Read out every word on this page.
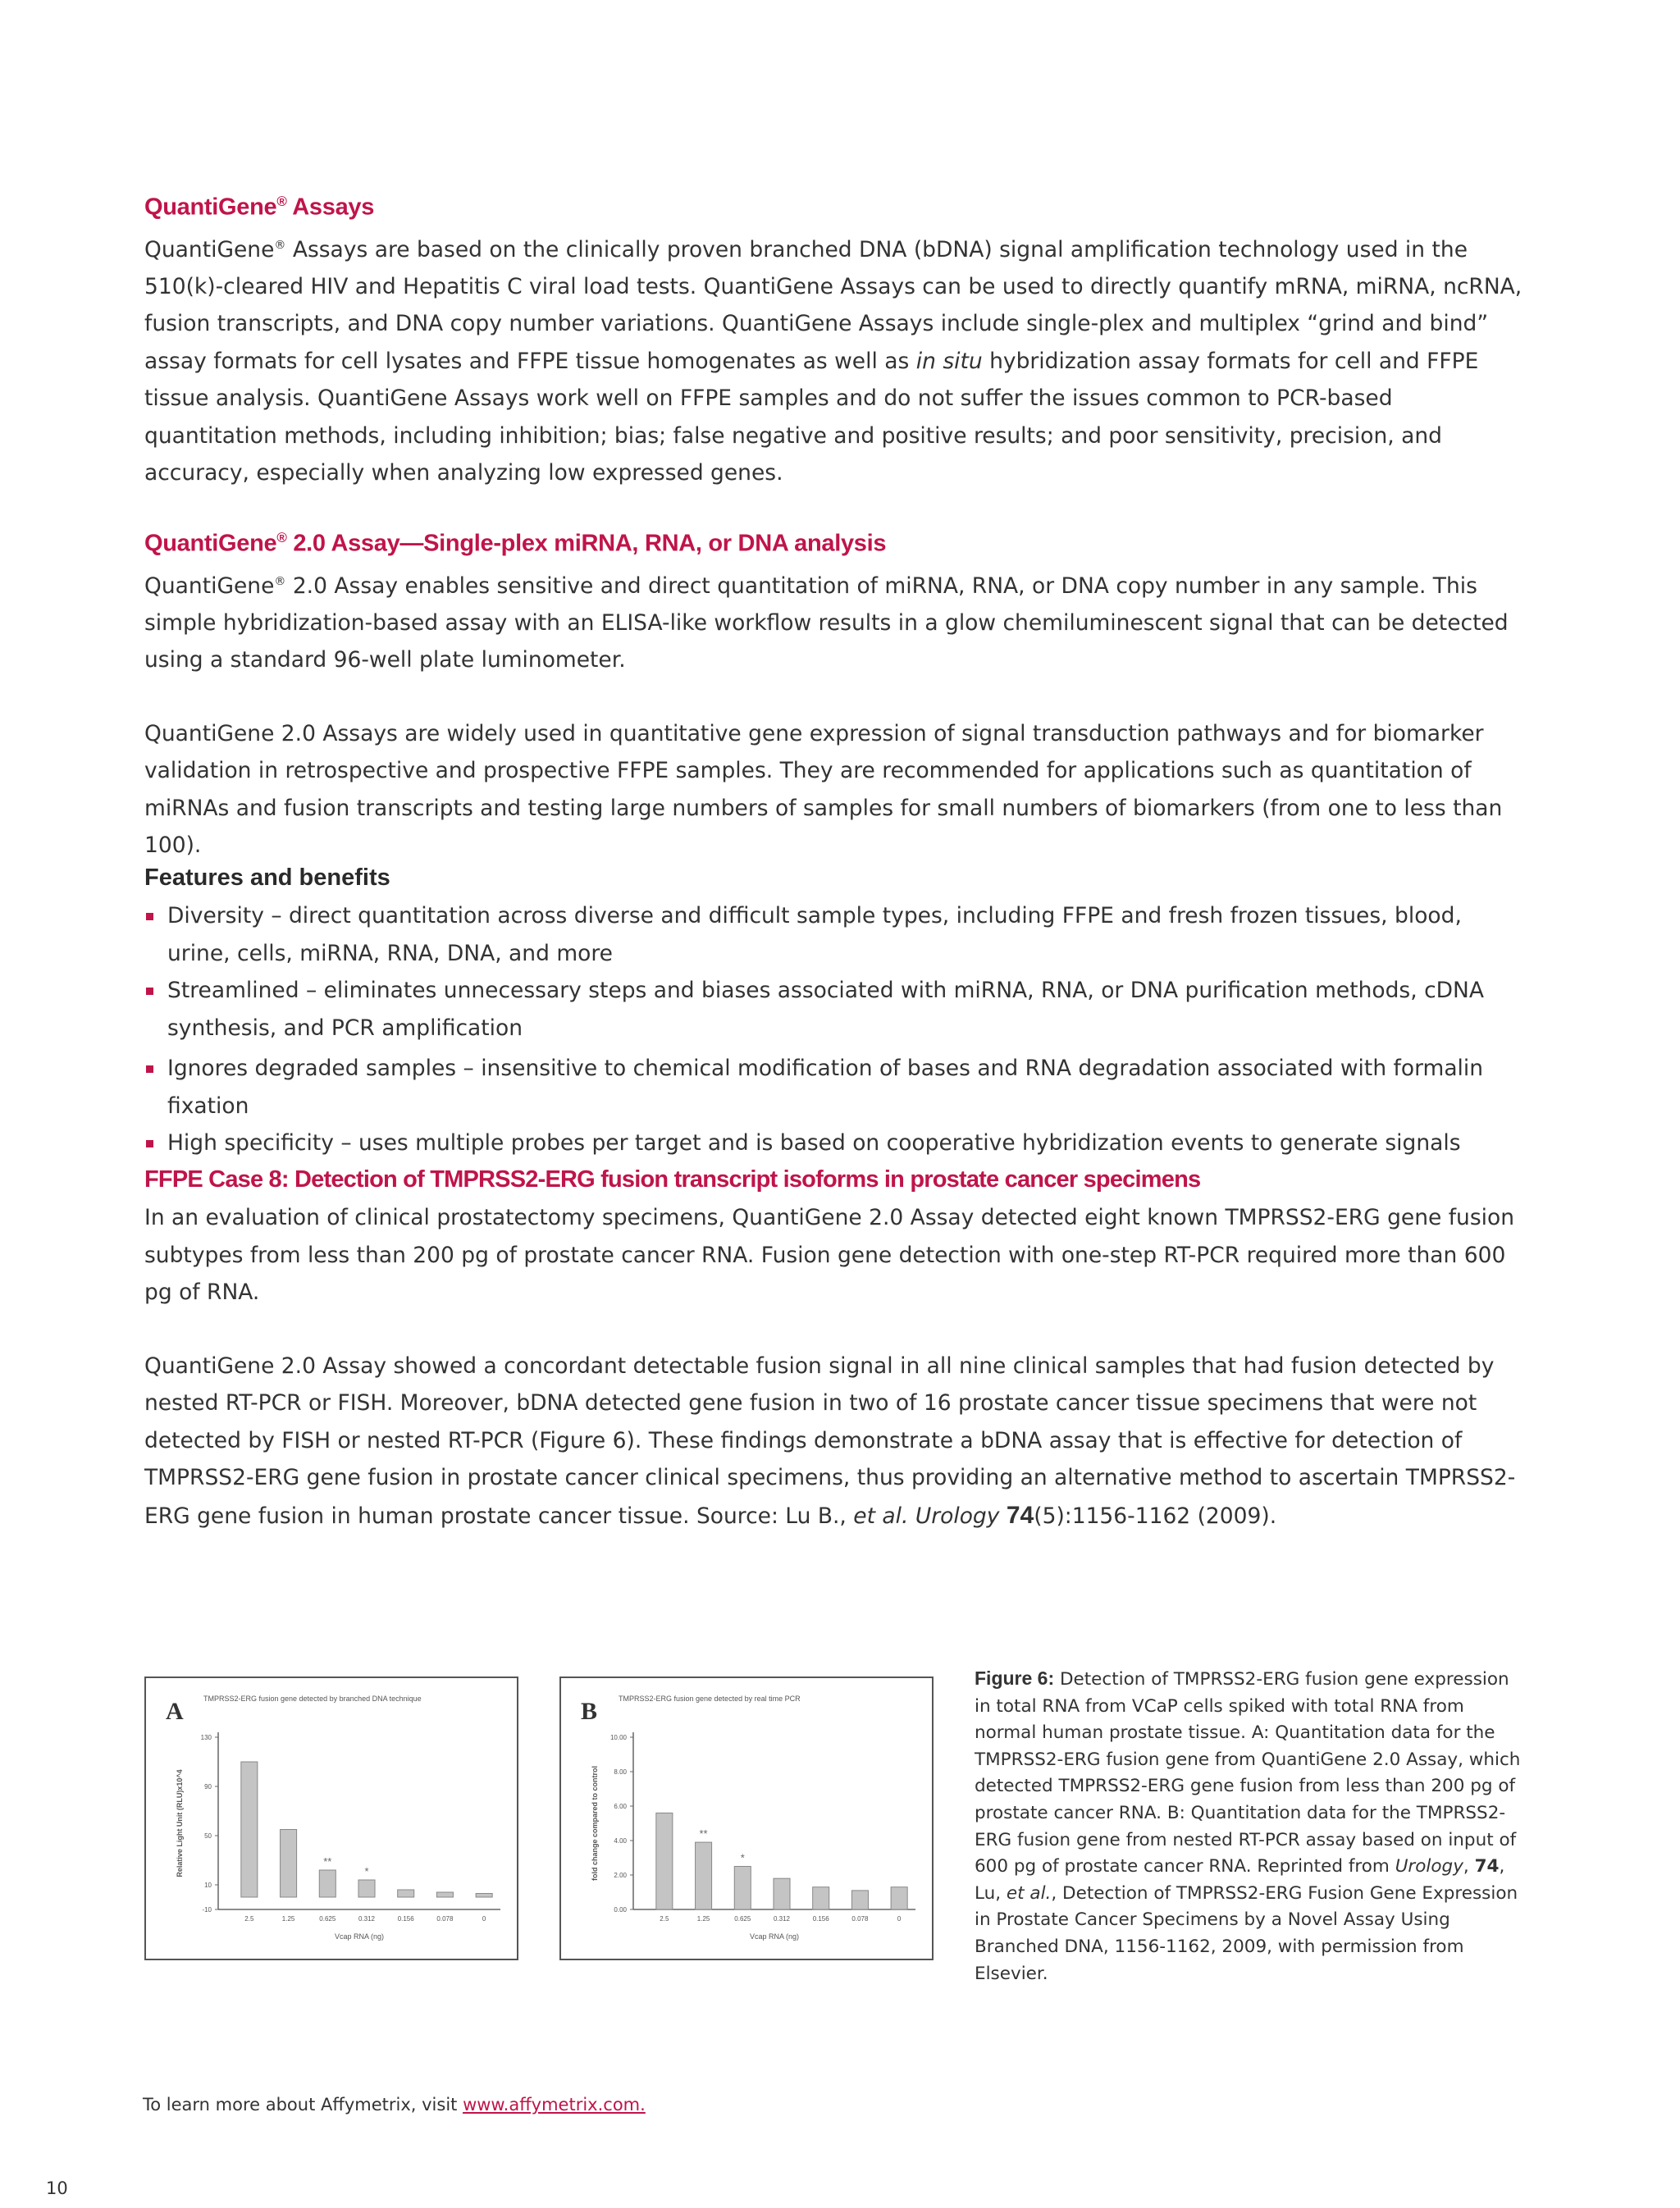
QuantiGene® Assays

QuantiGene® Assays are based on the clinically proven branched DNA (bDNA) signal amplification technology used in the 510(k)-cleared HIV and Hepatitis C viral load tests. QuantiGene Assays can be used to directly quantify mRNA, miRNA, ncRNA, fusion transcripts, and DNA copy number variations. QuantiGene Assays include single-plex and multiplex “grind and bind” assay formats for cell lysates and FFPE tissue homogenates as well as in situ hybridization assay formats for cell and FFPE tissue analysis. QuantiGene Assays work well on FFPE samples and do not suffer the issues common to PCR-based quantitation methods, including inhibition; bias; false negative and positive results; and poor sensitivity, precision, and accuracy, especially when analyzing low expressed genes.

QuantiGene® 2.0 Assay—Single-plex miRNA, RNA, or DNA analysis

QuantiGene® 2.0 Assay enables sensitive and direct quantitation of miRNA, RNA, or DNA copy number in any sample. This simple hybridization-based assay with an ELISA-like workflow results in a glow chemiluminescent signal that can be detected using a standard 96-well plate luminometer.

QuantiGene 2.0 Assays are widely used in quantitative gene expression of signal transduction pathways and for biomarker validation in retrospective and prospective FFPE samples. They are recommended for applications such as quantitation of miRNAs and fusion transcripts and testing large numbers of samples for small numbers of biomarkers (from one to less than 100).

Features and benefits
Diversity – direct quantitation across diverse and difficult sample types, including FFPE and fresh frozen tissues, blood, urine, cells, miRNA, RNA, DNA, and more
Streamlined – eliminates unnecessary steps and biases associated with miRNA, RNA, or DNA purification methods, cDNA synthesis, and PCR amplification
Ignores degraded samples – insensitive to chemical modification of bases and RNA degradation associated with formalin fixation
High specificity – uses multiple probes per target and is based on cooperative hybridization events to generate signals
FFPE Case 8: Detection of TMPRSS2-ERG fusion transcript isoforms in prostate cancer specimens

In an evaluation of clinical prostatectomy specimens, QuantiGene 2.0 Assay detected eight known TMPRSS2-ERG gene fusion subtypes from less than 200 pg of prostate cancer RNA. Fusion gene detection with one-step RT-PCR required more than 600 pg of RNA.

QuantiGene 2.0 Assay showed a concordant detectable fusion signal in all nine clinical samples that had fusion detected by nested RT-PCR or FISH. Moreover, bDNA detected gene fusion in two of 16 prostate cancer tissue specimens that were not detected by FISH or nested RT-PCR (Figure 6). These findings demonstrate a bDNA assay that is effective for detection of TMPRSS2-ERG gene fusion in prostate cancer clinical specimens, thus providing an alternative method to ascertain TMPRSS2-ERG gene fusion in human prostate cancer tissue. Source: Lu B., et al. Urology 74(5):1156-1162 (2009).

A	TMPRSS2-ERG fusion gene detected by branched DNA technique
-10
10
50
90
130
Relative Light Unit (RLU)x10^4
2.5	1.25	0.625
**
0.312
*
0.156	0.078	0
Vcap RNA (ng)
B	TMPRSS2-ERG fusion gene detected by real time PCR
0.00
2.00
4.00
6.00
8.00
10.00
fold change compared to control
2.5	1.25
**
0.625
*
0.312	0.156	0.078	0
Vcap RNA (ng)
Figure 6: Detection of TMPRSS2-ERG fusion gene expression in total RNA from VCaP cells spiked with total RNA from normal human prostate tissue. A: Quantitation data for the TMPRSS2-ERG fusion gene from QuantiGene 2.0 Assay, which detected TMPRSS2-ERG gene fusion from less than 200 pg of prostate cancer RNA. B: Quantitation data for the TMPRSS2-ERG fusion gene from nested RT-PCR assay based on input of 600 pg of prostate cancer RNA. Reprinted from Urology, 74, Lu, et al., Detection of TMPRSS2-ERG Fusion Gene Expression in Prostate Cancer Specimens by a Novel Assay Using Branched DNA, 1156-1162, 2009, with permission from Elsevier.
To learn more about Affymetrix, visit www.affymetrix.com.
10
